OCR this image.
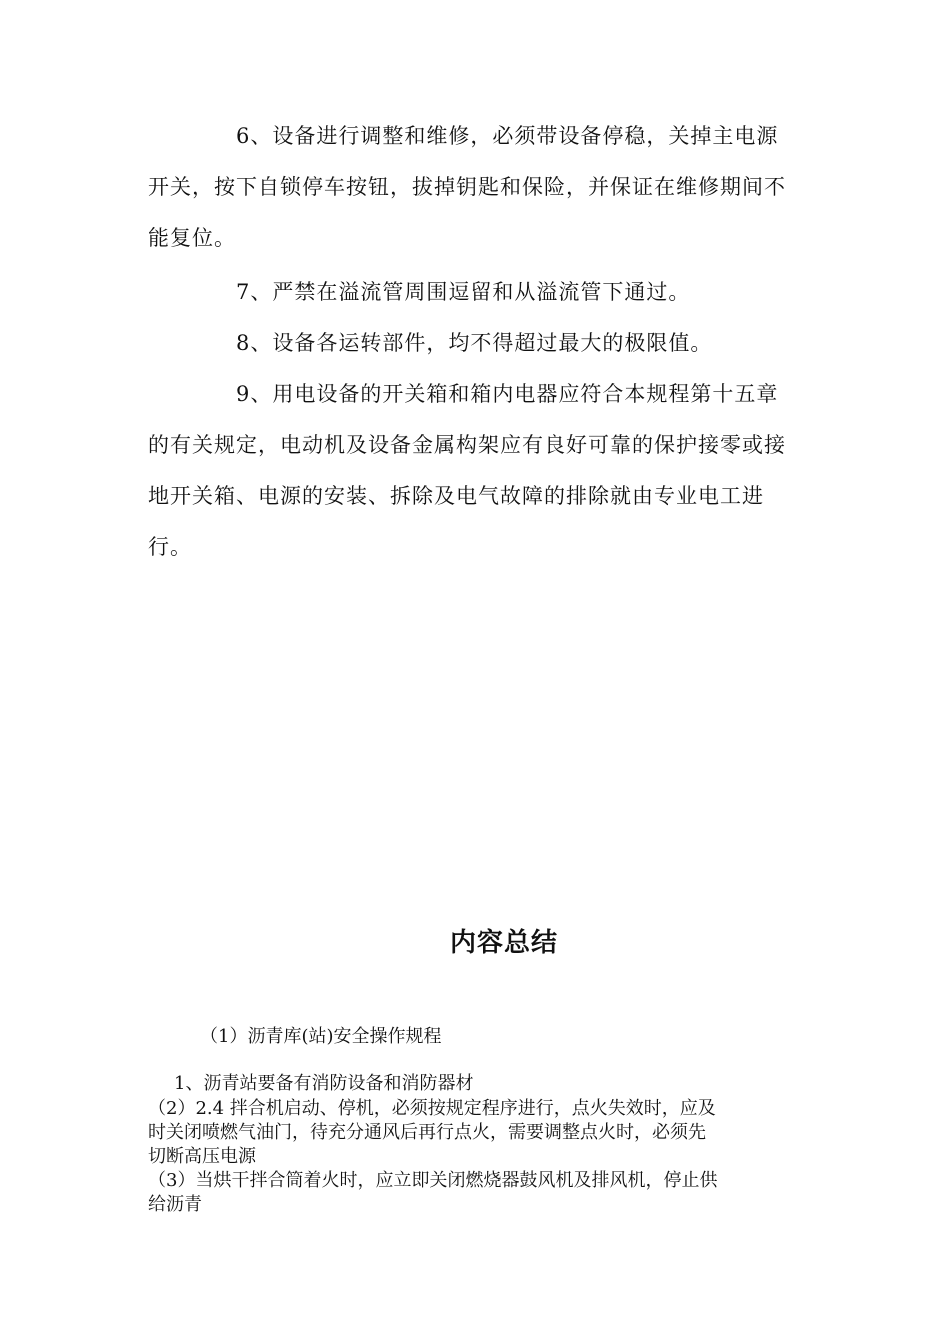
6、设备进行调整和维修，必须带设备停稳，关掉主电源
开关，按下自锁停车按钮，拔掉钥匙和保险，并保证在维修期间不
能复位。
7、严禁在溢流管周围逗留和从溢流管下通过。
8、设备各运转部件，均不得超过最大的极限值。
9、用电设备的开关箱和箱内电器应符合本规程第十五章
的有关规定，电动机及设备金属构架应有良好可靠的保护接零或接
地开关箱、电源的安装、拆除及电气故障的排除就由专业电工进
行。
内容总结

（1）沥青库(站)安全操作规程

1、沥青站要备有消防设备和消防器材

（2）2.4 拌合机启动、停机，必须按规定程序进行，点火失效时，应及

时关闭喷燃气油门，待充分通风后再行点火，需要调整点火时，必须先

切断高压电源

（3）当烘干拌合筒着火时，应立即关闭燃烧器鼓风机及排风机，停止供

给沥青
